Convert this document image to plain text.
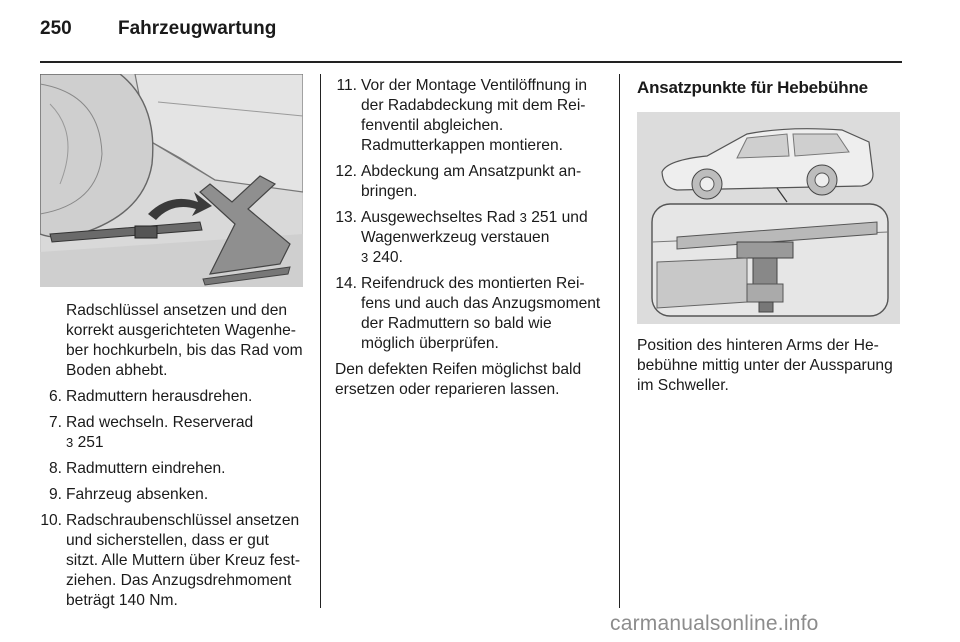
250	Fahrzeugwartung

Radschlüssel ansetzen und den korrekt ausgerichteten Wagenheber hochkurbeln, bis das Rad vom Boden abhebt.

6. Radmuttern herausdrehen.
7. Rad wechseln. Reserverad
3 251
8. Radmuttern eindrehen.
9. Fahrzeug absenken.
10. Radschraubenschlüssel ansetzen und sicherstellen, dass er gut sitzt. Alle Muttern über Kreuz festziehen. Das Anzugsdrehmoment beträgt 140 Nm.
11. Vor der Montage Ventilöffnung in der Radabdeckung mit dem Reifenventil abgleichen.

Radmutterkappen montieren.

12. Abdeckung am Ansatzpunkt anbringen.
13. Ausgewechseltes Rad 3 251 und Wagenwerkzeug verstauen
3 240.
14. Reifendruck des montierten Reifens und auch das Anzugsmoment der Radmuttern so bald wie möglich überprüfen.

Den defekten Reifen möglichst bald ersetzen oder reparieren lassen.

Ansatzpunkte für Hebebühne

Position des hinteren Arms der Hebebühne mittig unter der Aussparung im Schweller.

carmanualsonline.info
